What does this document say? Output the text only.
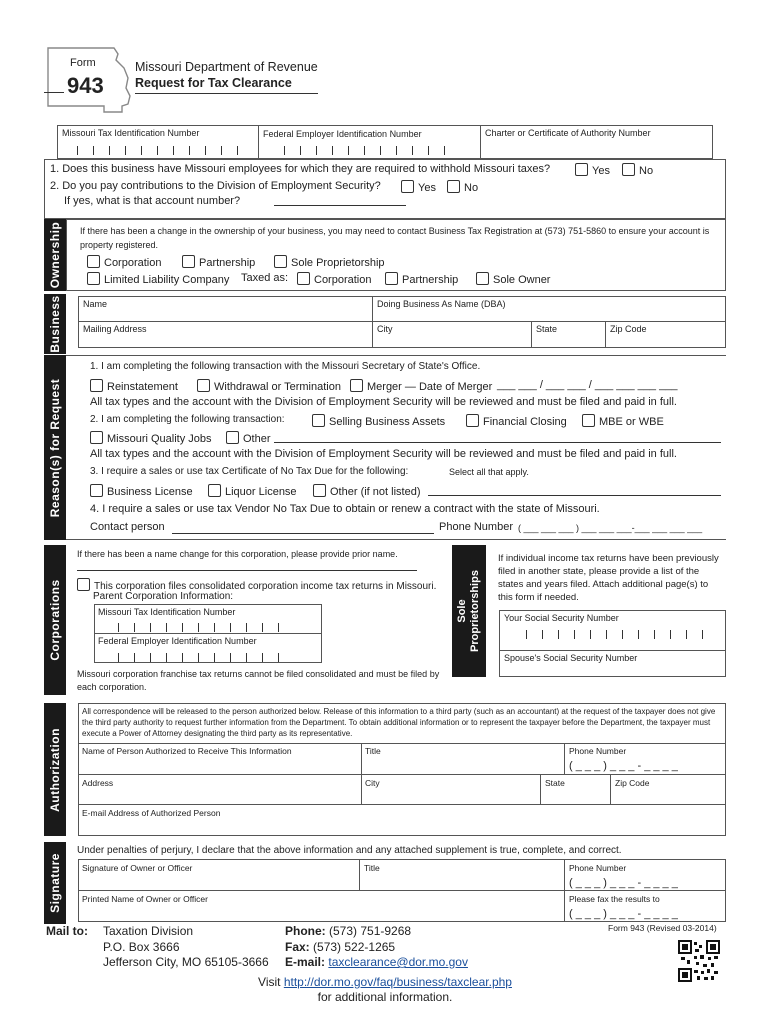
Form
943
Missouri Department of Revenue
Request for Tax Clearance
Missouri Tax Identification Number	Federal Employer Identification Number	Charter or Certificate of Authority Number
1. Does this business have Missouri employees for which they are required to withhold Missouri taxes?	Yes	No
2. Do you pay contributions to the Division of Employment Security?	Yes	No
If yes, what is that account number?
Ownership If there has been a change in the ownership of your business, you may need to contact Business Tax Registration at (573) 751-5860 to ensure your account is property registered.
Corporation	Partnership	Sole Proprietorship
Limited Liability Company Taxed as:	Corporation	Partnership	Sole Owner
Business Name	Doing Business As Name (DBA)
Mailing Address	City	State	Zip Code
Reason(s) for Request
1. I am completing the following transaction with the Missouri Secretary of State's Office.
Reinstatement	Withdrawal or Termination	Merger — Date of Merger ___ ___ / ___ ___ / ___ ___ ___ ___
All tax types and the account with the Division of Employment Security will be reviewed and must be filed and paid in full.
2. I am completing the following transaction:	Selling Business Assets	Financial Closing	MBE or WBE
Missouri Quality Jobs	Other
All tax types and the account with the Division of Employment Security will be reviewed and must be filed and paid in full.
3. I require a sales or use tax Certificate of No Tax Due for the following:	Select all that apply.
Business License	Liquor License	Other (if not listed)
4. I require a sales or use tax Vendor No Tax Due to obtain or renew a contract with the state of Missouri.
Contact person	Phone Number ( ___ ___ ___ ) ___ ___ ___-___ ___ ___ ___
Corporations
If there has been a name change for this corporation, please provide prior name.
This corporation files consolidated corporation income tax returns in Missouri.
Parent Corporation Information:
Missouri Tax Identification Number
Federal Employer Identification Number
Missouri corporation franchise tax returns cannot be filed consolidated and must be filed by each corporation.
Sole Proprietorships
If individual income tax returns have been previously filed in another state, please provide a list of the states and years filed. Attach additional page(s) to this form if needed.
Your Social Security Number
Spouse's Social Security Number
Authorization
All correspondence will be released to the person authorized below. Release of this information to a third party (such as an accountant) at the request of the taxpayer does not give the third party authority to request further information from the Department. To obtain additional information or to represent the taxpayer before the Department, the taxpayer must execute a Power of Attorney designating the third party as its representative.
Name of Person Authorized to Receive This Information	Title	Phone Number
( _ _ _ ) _ _ _ - _ _ _ _
Address	City	State	Zip Code
E-mail Address of Authorized Person
Signature
Under penalties of perjury, I declare that the above information and any attached supplement is true, complete, and correct.
Signature of Owner or Officer	Title	Phone Number
( _ _ _ ) _ _ _ - _ _ _ _
Printed Name of Owner or Officer	Please fax the results to
( _ _ _ ) _ _ _ - _ _ _ _
Mail to: Taxation Division
P.O. Box 3666
Jefferson City, MO 65105-3666
Phone: (573) 751-9268
Fax: (573) 522-1265
E-mail: taxclearance@dor.mo.gov
Form 943 (Revised 03-2014)
Visit http://dor.mo.gov/faq/business/taxclear.php
for additional information.
